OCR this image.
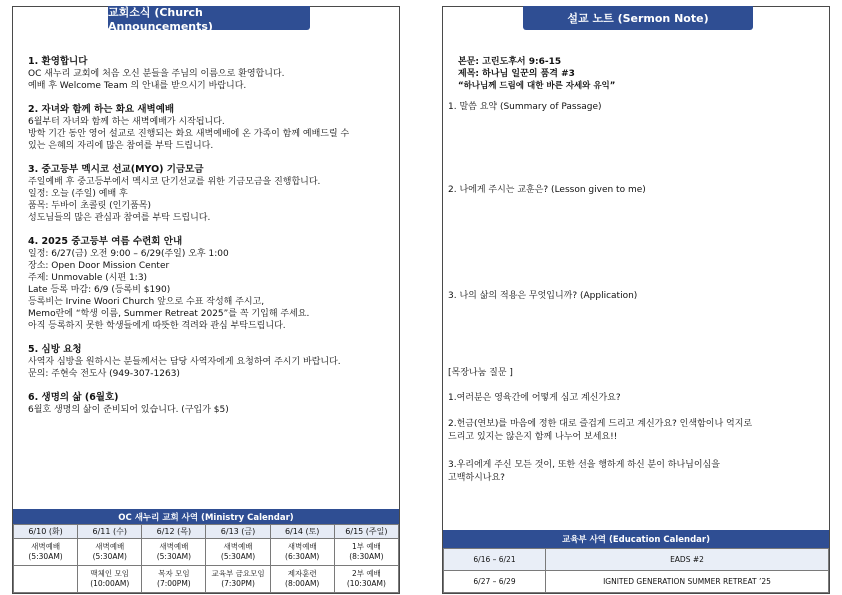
교회소식 (Church Announcements)
1. 환영합니다
OC 새누리 교회에 처음 오신 분들을 주님의 이름으로 환영합니다.
예배 후 Welcome Team 의 안내를 받으시기 바랍니다.
2. 자녀와 함께 하는 화요 새벽예배
6월부터 자녀와 함께 하는 새벽예배가 시작됩니다.
방학 기간 동안 영어 설교로 진행되는 화요 새벽예배에 온 가족이 함께 예배드릴 수
있는 은혜의 자리에 많은 참여를 부탁 드립니다.
3. 중고등부 멕시코 선교(MYO) 기금모금
주일예배 후 중고등부에서 멕시코 단기선교를 위한 기금모금을 진행합니다.
일정: 오늘 (주일) 예배 후
품목: 두바이 초콜릿 (인기품목)
성도님들의 많은 관심과 참여를 부탁 드립니다.
4. 2025 중고등부 여름 수련회 안내
일정: 6/27(금) 오전 9:00 – 6/29(주일) 오후 1:00
장소: Open Door Mission Center
주제: Unmovable (시편 1:3)
Late 등록 마감: 6/9 (등록비 $190)
등록비는 Irvine Woori Church 앞으로 수표 작성해 주시고,
Memo란에 “학생 이름, Summer Retreat 2025”를 꼭 기입해 주세요.
아직 등록하지 못한 학생들에게 따뜻한 격려와 관심 부탁드립니다.
5. 심방 요청
사역자 심방을 원하시는 분들께서는 담당 사역자에게 요청하여 주시기 바랍니다.
문의: 주현숙 전도사 (949-307-1263)
6. 생명의 삶 (6월호)
6월호 생명의 삶이 준비되어 있습니다. (구입가 $5)
OC 새누리 교회 사역 (Ministry Calendar)
6/10 (화)	6/11 (수)	6/12 (목)	6/13 (금)	6/14 (토)	6/15 (주일)
새벽예배
(5:30AM)	새벽예배
(5:30AM)	새벽예배
(5:30AM)	새벽예배
(5:30AM)	새벽예배
(6:30AM)	1부 예배
(8:30AM)
	맥체인 모임
(10:00AM)	목자 모임
(7:00PM)	교육부 금요모임
(7:30PM)	제자훈련
(8:00AM)	2부 예배
(10:30AM)
설교 노트 (Sermon Note)
본문: 고린도후서 9:6-15
제목: 하나님 일꾼의 품격 #3
“하나님께 드림에 대한 바른 자세와 유익”
1. 말씀 요약 (Summary of Passage)
2. 나에게 주시는 교훈은? (Lesson given to me)
3. 나의 삶의 적용은 무엇입니까? (Application)
[목장나눔 질문 ]
1.여러분은 영육간에 어떻게 심고 계신가요?
2.헌금(연보)를 마음에 정한 대로 즐겁게 드리고 계신가요? 인색함이나 억지로
드리고 있지는 않은지 함께 나누어 보세요!!
3.우리에게 주신 모든 것이, 또한 선을 행하게 하신 분이 하나님이심을
고백하시나요?
교육부 사역 (Education Calendar)
6/16 – 6/21	EADS #2
6/27 – 6/29	IGNITED GENERATION SUMMER RETREAT ’25
